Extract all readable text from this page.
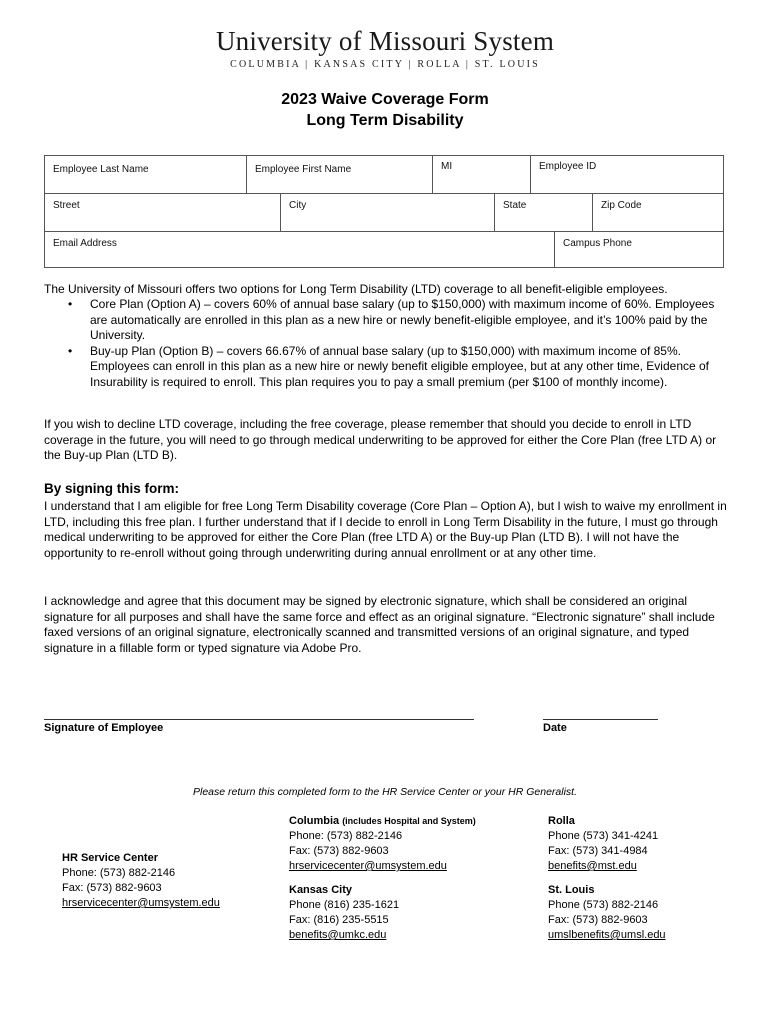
University of Missouri System
COLUMBIA | KANSAS CITY | ROLLA | ST. LOUIS
2023 Waive Coverage Form
Long Term Disability
Employee Last Name	Employee First Name	MI	Employee ID
Street	City	State	Zip Code
Email Address	Campus Phone
The University of Missouri offers two options for Long Term Disability (LTD) coverage to all benefit-eligible employees.
• Core Plan (Option A) – covers 60% of annual base salary (up to $150,000) with maximum income of 60%. Employees are automatically are enrolled in this plan as a new hire or newly benefit-eligible employee, and it’s 100% paid by the University.
• Buy-up Plan (Option B) – covers 66.67% of annual base salary (up to $150,000) with maximum income of 85%. Employees can enroll in this plan as a new hire or newly benefit eligible employee, but at any other time, Evidence of Insurability is required to enroll. This plan requires you to pay a small premium (per $100 of monthly income).
If you wish to decline LTD coverage, including the free coverage, please remember that should you decide to enroll in LTD coverage in the future, you will need to go through medical underwriting to be approved for either the Core Plan (free LTD A) or the Buy-up Plan (LTD B).
By signing this form:
I understand that I am eligible for free Long Term Disability coverage (Core Plan – Option A), but I wish to waive my enrollment in LTD, including this free plan. I further understand that if I decide to enroll in Long Term Disability in the future, I must go through medical underwriting to be approved for either the Core Plan (free LTD A) or the Buy-up Plan (LTD B). I will not have the opportunity to re-enroll without going through underwriting during annual enrollment or at any other time.
I acknowledge and agree that this document may be signed by electronic signature, which shall be considered an original signature for all purposes and shall have the same force and effect as an original signature. “Electronic signature” shall include faxed versions of an original signature, electronically scanned and transmitted versions of an original signature, and typed signature in a fillable form or typed signature via Adobe Pro.
Signature of Employee	Date
Please return this completed form to the HR Service Center or your HR Generalist.
HR Service Center
Phone: (573) 882-2146
Fax: (573) 882-9603
hrservicecenter@umsystem.edu
Columbia (includes Hospital and System)
Phone: (573) 882-2146
Fax: (573) 882-9603
hrservicecenter@umsystem.edu
Kansas City
Phone (816) 235-1621
Fax: (816) 235-5515
benefits@umkc.edu
Rolla
Phone (573) 341-4241
Fax: (573) 341-4984
benefits@mst.edu
St. Louis
Phone (573) 882-2146
Fax: (573) 882-9603
umslbenefits@umsl.edu
